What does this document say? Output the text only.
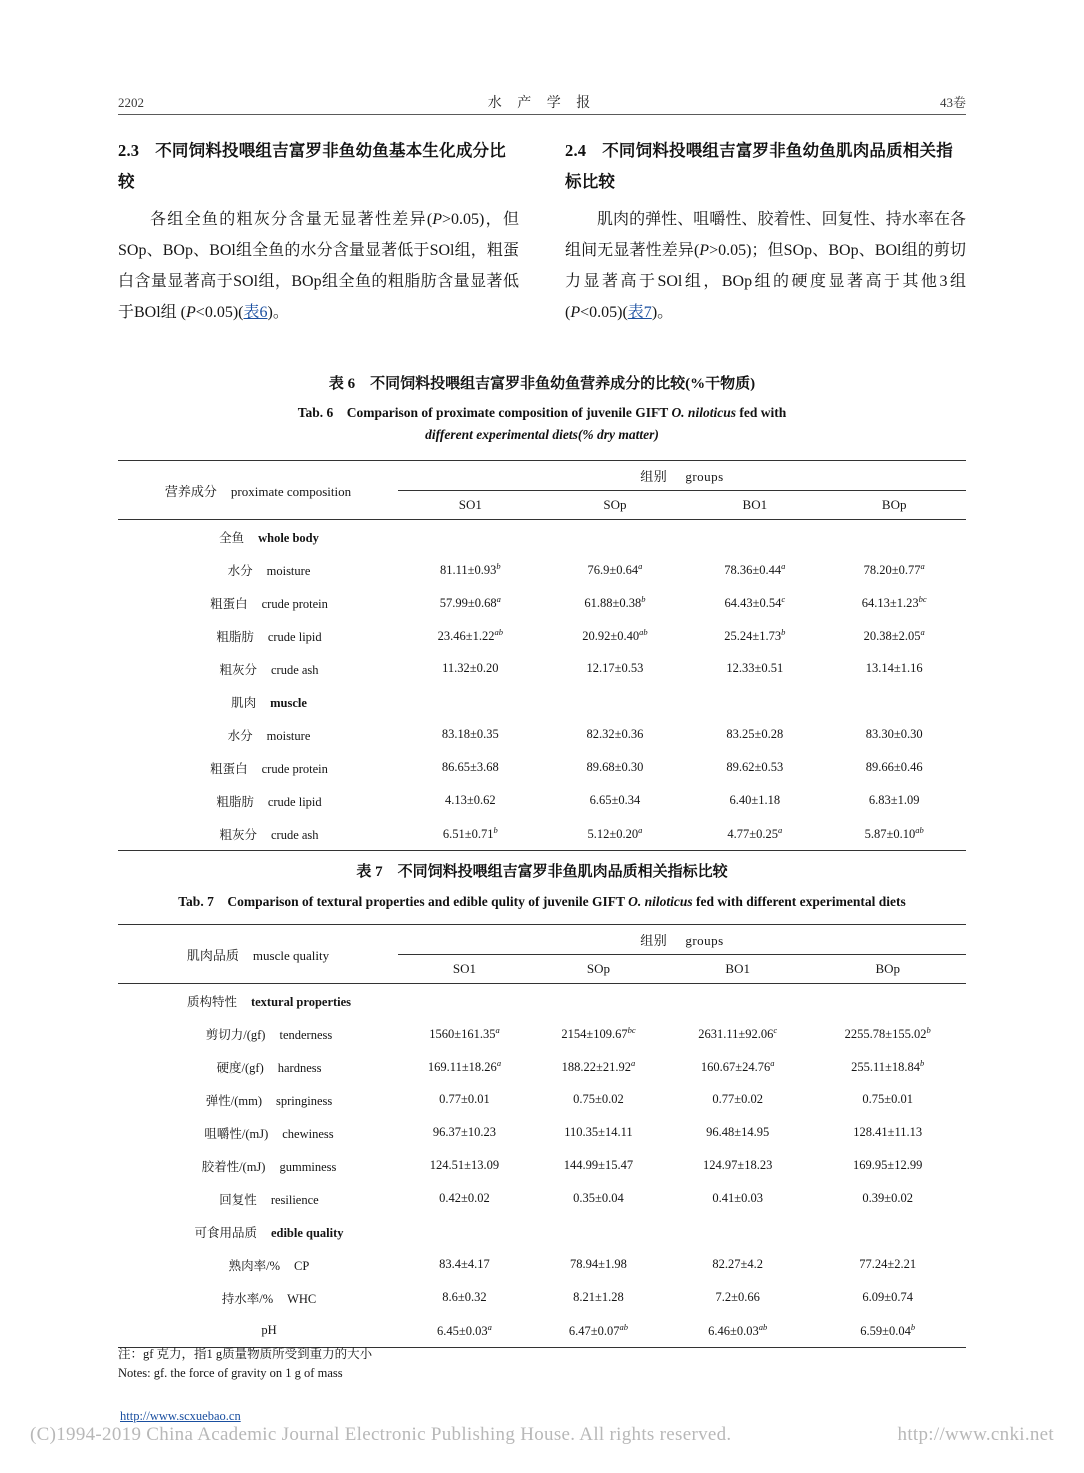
2202	水 产 学 报	43卷
2.3 不同饲料投喂组吉富罗非鱼幼鱼基本生化成分比较
各组全鱼的粗灰分含量无显著性差异(P>0.05)，但SOp、BOp、BOl组全鱼的水分含量显著低于SOl组，粗蛋白含量显著高于SOl组，BOp组全鱼的粗脂肪含量显著低于BOl组 (P<0.05)(表6)。
2.4 不同饲料投喂组吉富罗非鱼幼鱼肌肉品质相关指标比较
肌肉的弹性、咀嚼性、胶着性、回复性、持水率在各组间无显著性差异(P>0.05)；但SOp、BOp、BOl组的剪切力显著高于SOl组，BOp组的硬度显著高于其他3组(P<0.05)(表7)。
表 6　不同饲料投喂组吉富罗非鱼幼鱼营养成分的比较(%干物质)
Tab. 6　Comparison of proximate composition of juvenile GIFT O. niloticus fed with
different experimental diets(% dry matter)
营养成分 proximate composition	组别 groups			
	SO1	SOp	BO1	BOp

全鱼 whole body				
水分 moisture	81.11±0.93$^b$	76.9±0.64$^a$	78.36±0.44$^a$	78.20±0.77$^a$
粗蛋白 crude protein	57.99±0.68$^a$	61.88±0.38$^b$	64.43±0.54$^c$	64.13±1.23$^{bc}$
粗脂肪 crude lipid	23.46±1.22$^{ab}$	20.92±0.40$^{ab}$	25.24±1.73$^b$	20.38±2.05$^a$
粗灰分 crude ash	11.32±0.20	12.17±0.53	12.33±0.51	13.14±1.16
肌肉 muscle				
水分 moisture	83.18±0.35	82.32±0.36	83.25±0.28	83.30±0.30
粗蛋白 crude protein	86.65±3.68	89.68±0.30	89.62±0.53	89.66±0.46
粗脂肪 crude lipid	4.13±0.62	6.65±0.34	6.40±1.18	6.83±1.09
粗灰分 crude ash	6.51±0.71$^b$	5.12±0.20$^a$	4.77±0.25$^a$	5.87±0.10$^{ab}$

表 7　不同饲料投喂组吉富罗非鱼肌肉品质相关指标比较
Tab. 7　Comparison of textural properties and edible qulity of juvenile GIFT O. niloticus fed with different experimental diets
肌肉品质 muscle quality	组别 groups			
	SO1	SOp	BO1	BOp

质构特性 textural properties				
剪切力/(gf) tenderness	1560±161.35$^a$	2154±109.67$^{bc}$	2631.11±92.06$^c$	2255.78±155.02$^b$
硬度/(gf) hardness	169.11±18.26$^a$	188.22±21.92$^a$	160.67±24.76$^a$	255.11±18.84$^b$
弹性/(mm) springiness	0.77±0.01	0.75±0.02	0.77±0.02	0.75±0.01
咀嚼性/(mJ) chewiness	96.37±10.23	110.35±14.11	96.48±14.95	128.41±11.13
胶着性/(mJ) gumminess	124.51±13.09	144.99±15.47	124.97±18.23	169.95±12.99
回复性 resilience	0.42±0.02	0.35±0.04	0.41±0.03	0.39±0.02
可食用品质 edible quality				
熟肉率/% CP	83.4±4.17	78.94±1.98	82.27±4.2	77.24±2.21
持水率/% WHC	8.6±0.32	8.21±1.28	7.2±0.66	6.09±0.74
pH	6.45±0.03$^a$	6.47±0.07$^{ab}$	6.46±0.03$^{ab}$	6.59±0.04$^b$

注：gf 克力，指1 g质量物质所受到重力的大小
Notes: gf. the force of gravity on 1 g of mass
http://www.scxuebao.cn
(C)1994-2019 China Academic Journal Electronic Publishing House. All rights reserved.	http://www.cnki.net
